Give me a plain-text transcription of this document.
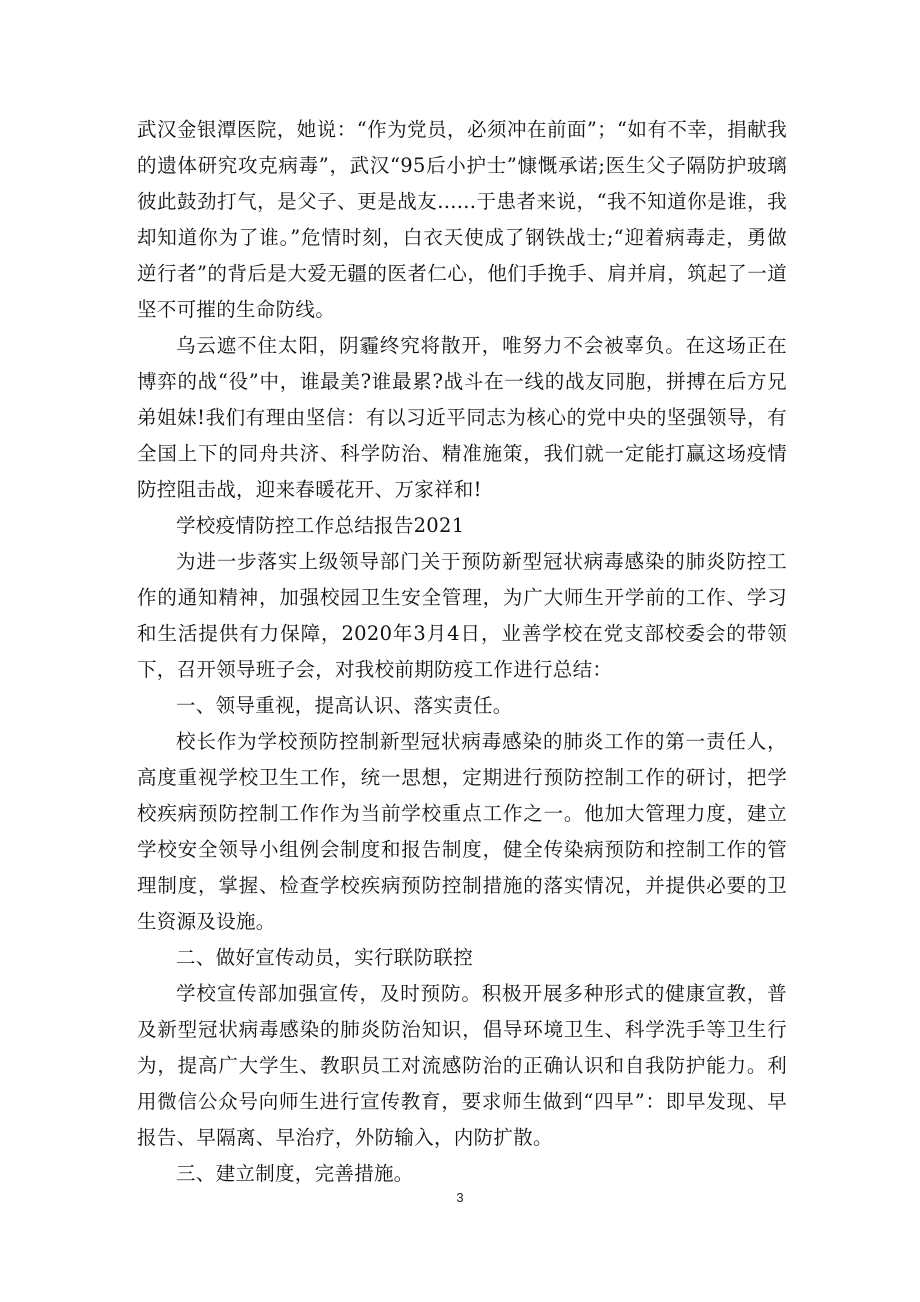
武汉金银潭医院，她说：“作为党员，必须冲在前面”；“如有不幸，捐献我的遗体研究攻克病毒”，武汉“95后小护士”慷慨承诺;医生父子隔防护玻璃彼此鼓劲打气，是父子、更是战友......于患者来说，“我不知道你是谁，我却知道你为了谁。”危情时刻，白衣天使成了钢铁战士;“迎着病毒走，勇做逆行者”的背后是大爱无疆的医者仁心，他们手挽手、肩并肩，筑起了一道坚不可摧的生命防线。

乌云遮不住太阳，阴霾终究将散开，唯努力不会被辜负。在这场正在博弈的战“役”中，谁最美?谁最累?战斗在一线的战友同胞，拼搏在后方兄弟姐妹!我们有理由坚信：有以习近平同志为核心的党中央的坚强领导，有全国上下的同舟共济、科学防治、精准施策，我们就一定能打赢这场疫情防控阻击战，迎来春暖花开、万家祥和!

学校疫情防控工作总结报告2021

为进一步落实上级领导部门关于预防新型冠状病毒感染的肺炎防控工作的通知精神，加强校园卫生安全管理，为广大师生开学前的工作、学习和生活提供有力保障，2020年3月4日，业善学校在党支部校委会的带领下，召开领导班子会，对我校前期防疫工作进行总结：

一、领导重视，提高认识、落实责任。

校长作为学校预防控制新型冠状病毒感染的肺炎工作的第一责任人，高度重视学校卫生工作，统一思想，定期进行预防控制工作的研讨，把学校疾病预防控制工作作为当前学校重点工作之一。他加大管理力度，建立学校安全领导小组例会制度和报告制度，健全传染病预防和控制工作的管理制度，掌握、检查学校疾病预防控制措施的落实情况，并提供必要的卫生资源及设施。

二、做好宣传动员，实行联防联控

学校宣传部加强宣传，及时预防。积极开展多种形式的健康宣教，普及新型冠状病毒感染的肺炎防治知识，倡导环境卫生、科学洗手等卫生行为，提高广大学生、教职员工对流感防治的正确认识和自我防护能力。利用微信公众号向师生进行宣传教育，要求师生做到“四早”：即早发现、早报告、早隔离、早治疗，外防输入，内防扩散。

三、建立制度，完善措施。

3
